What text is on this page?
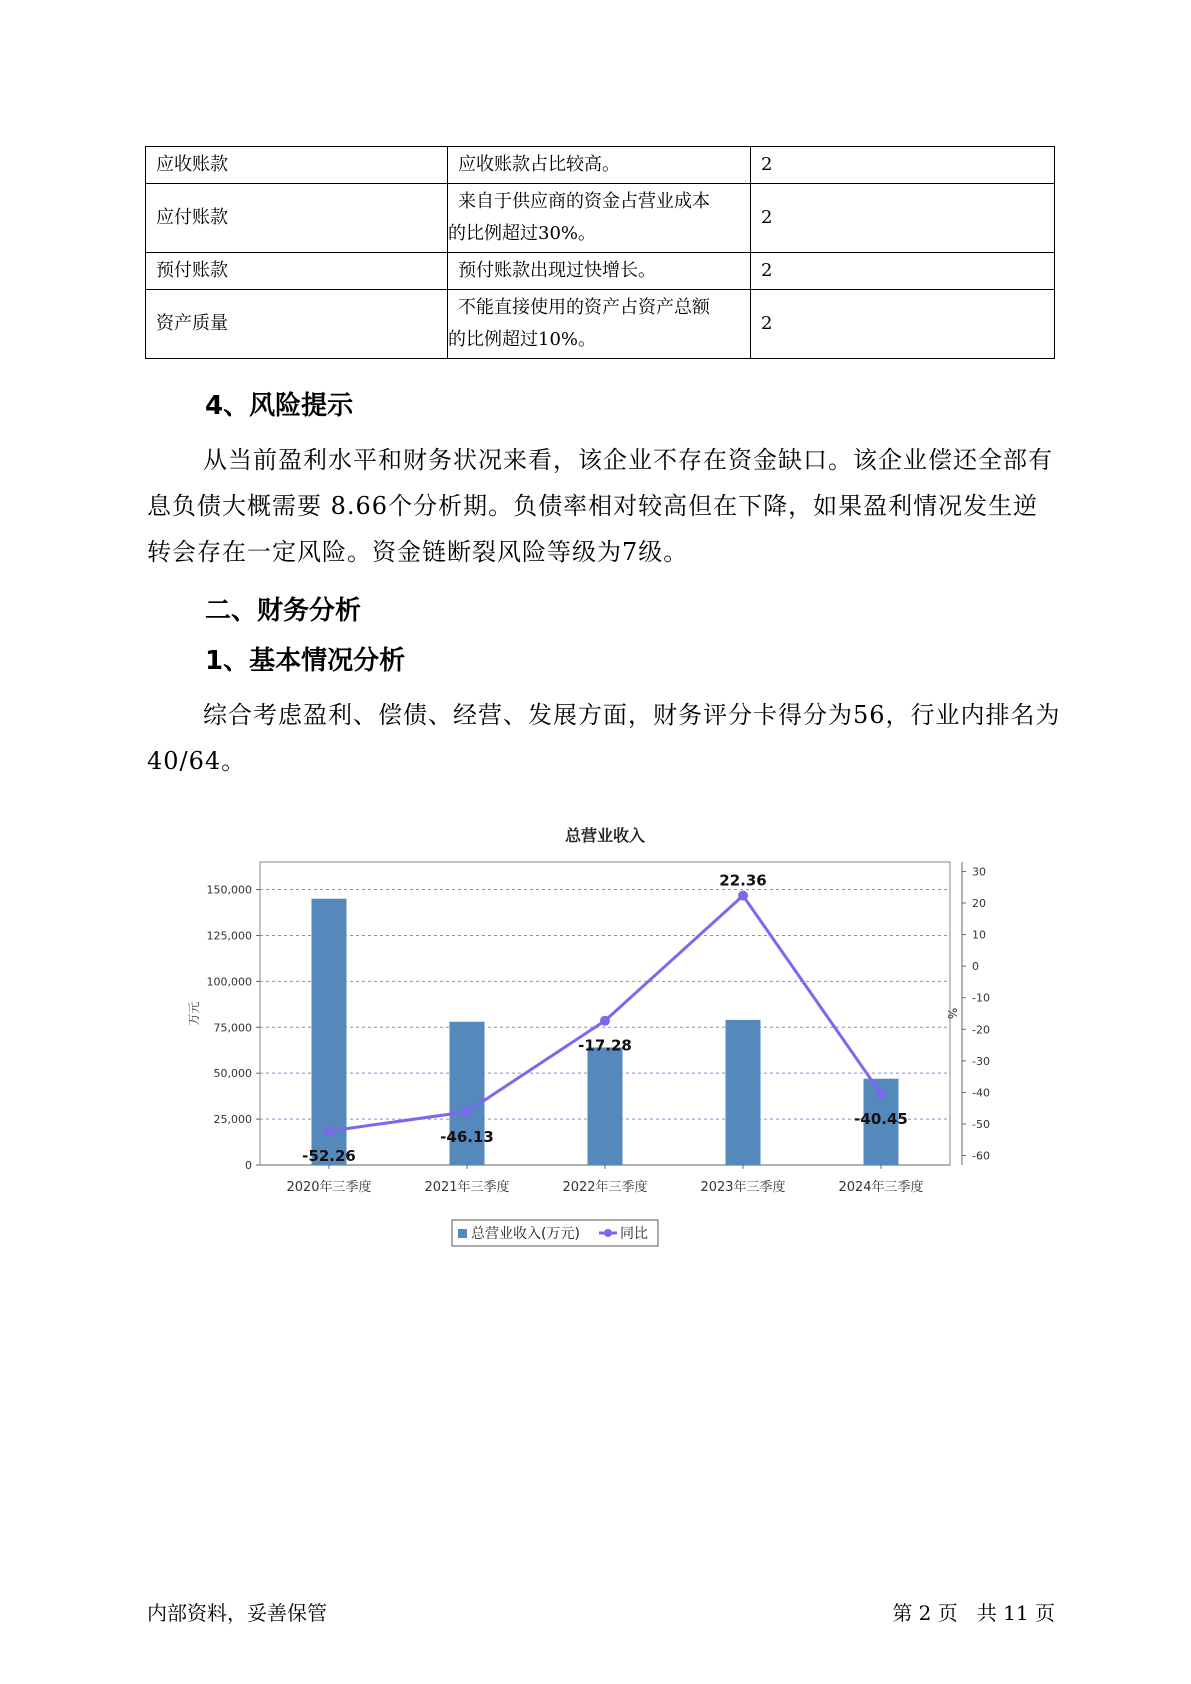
应收账款	应收账款占比较高。	2
应付账款	来自于供应商的资金占营业成本
的比例超过30%。	2
预付账款	预付账款出现过快增长。	2
资产质量	不能直接使用的资产占资产总额
的比例超过10%。	2
4、风险提示

从当前盈利水平和财务状况来看，该企业不存在资金缺口。该企业偿还全部有息负债大概需要 8.66个分析期。负债率相对较高但在下降，如果盈利情况发生逆转会存在一定风险。资金链断裂风险等级为7级。

二、财务分析
1、基本情况分析

综合考虑盈利、偿债、经营、发展方面，财务评分卡得分为56，行业内排名为40/64。

总营业收入
0
25,000
50,000
75,000
100,000
125,000
150,000
-60
-50
-40
-30
-20
-10
0
10
20
30
万元	%
2020年三季度	2021年三季度	2022年三季度	2023年三季度	2024年三季度
-52.26
-46.13
-17.28
22.36
-40.45
总营业收入(万元)	同比
内部资料，妥善保管	第 2 页   共 11 页
